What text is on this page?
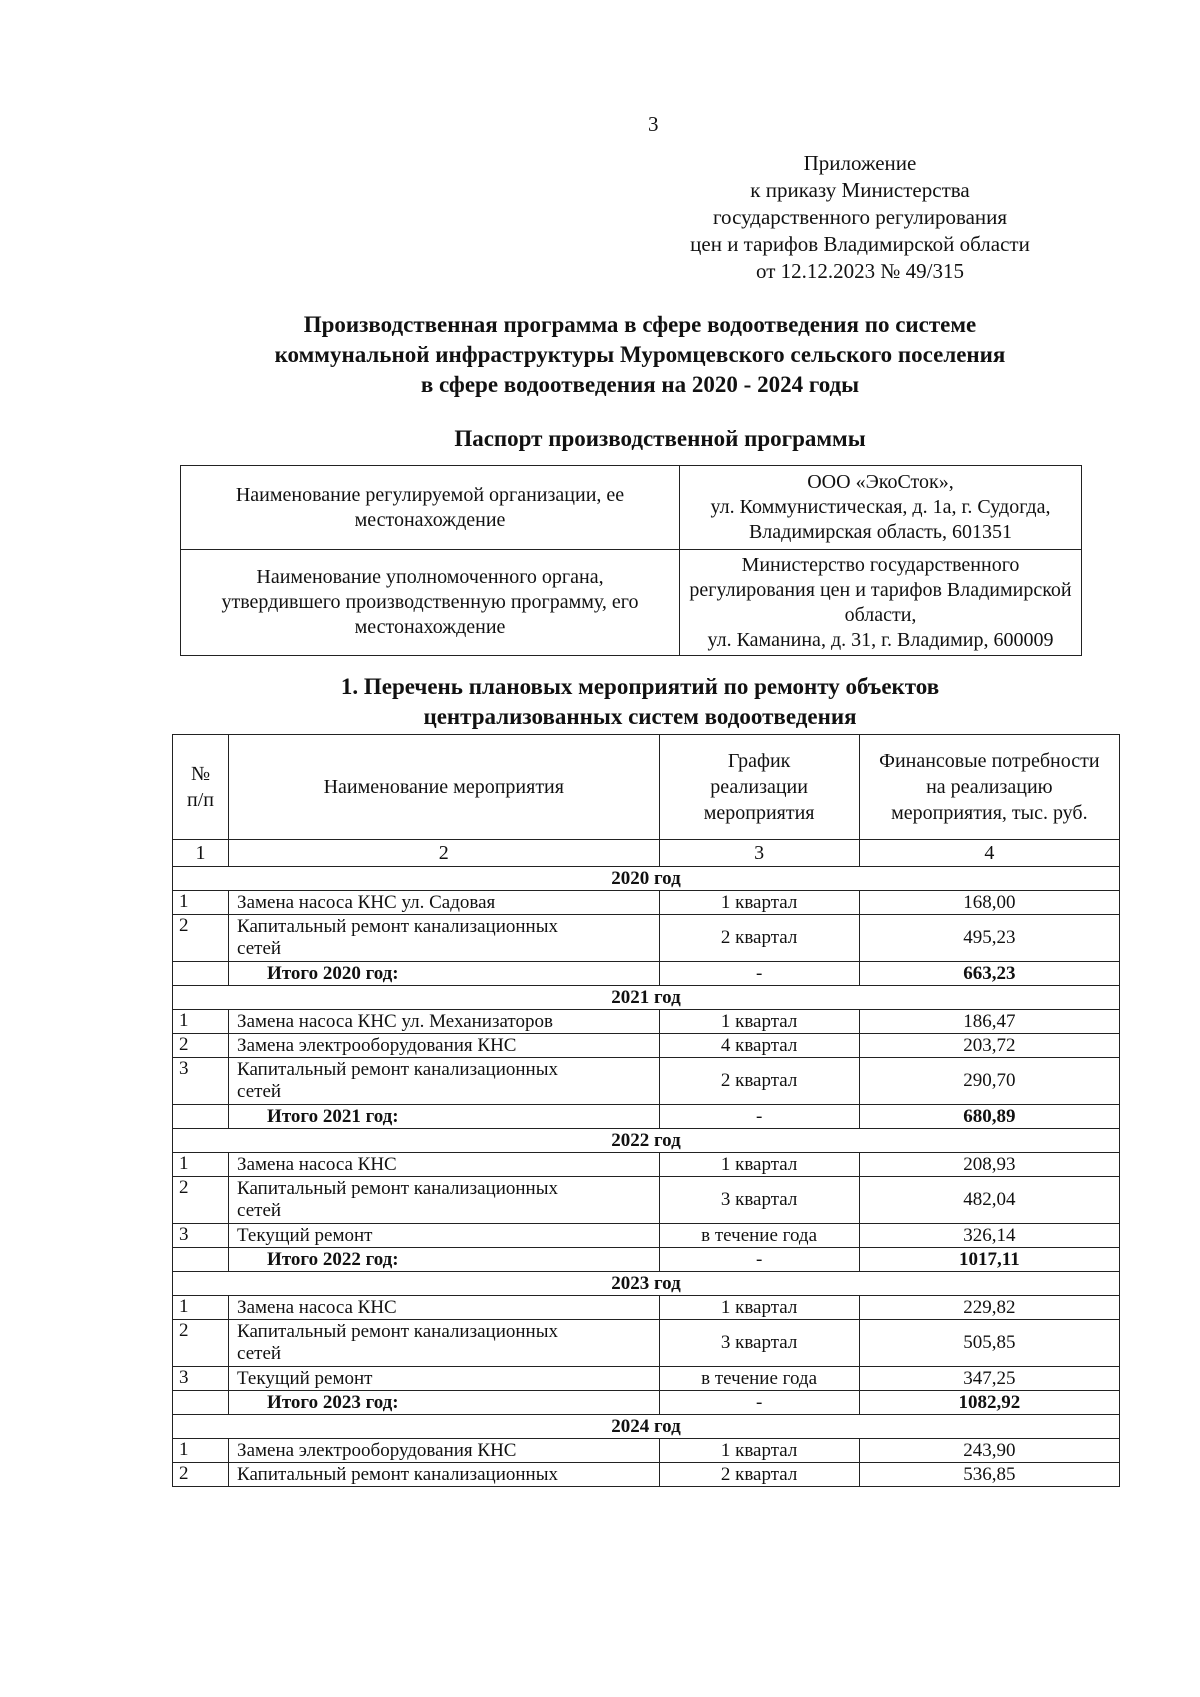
3
Приложение
к приказу Министерства
государственного регулирования
цен и тарифов Владимирской области
от 12.12.2023 № 49/315
Производственная программа в сфере водоотведения по системе
коммунальной инфраструктуры Муромцевского сельского поселения
в сфере водоотведения на 2020 - 2024 годы
Паспорт производственной программы
Наименование регулируемой организации, ее местонахождение	ООО «ЭкоСток»,
ул. Коммунистическая, д. 1а, г. Судогда,
Владимирская область, 601351

Наименование уполномоченного органа, утвердившего производственную программу, его местонахождение	Министерство государственного
регулирования цен и тарифов Владимирской
области,
ул. Каманина, д. 31, г. Владимир, 600009
1. Перечень плановых мероприятий по ремонту объектов
централизованных систем водоотведения
№ п/п	Наименование мероприятия	График реализации мероприятия	Финансовые потребности на реализацию мероприятия, тыс. руб.
1	2	3	4
2020 год			
1	Замена насоса КНС ул. Садовая	1 квартал	168,00
2	Капитальный ремонт канализационных сетей	2 квартал	495,23
	Итого 2020 год:	-	663,23
2021 год			
1	Замена насоса КНС ул. Механизаторов	1 квартал	186,47
2	Замена электрооборудования КНС	4 квартал	203,72
3	Капитальный ремонт канализационных сетей	2 квартал	290,70
	Итого 2021 год:	-	680,89
2022 год			
1	Замена насоса КНС	1 квартал	208,93
2	Капитальный ремонт канализационных сетей	3 квартал	482,04
3	Текущий ремонт	в течение года	326,14
	Итого 2022 год:	-	1017,11
2023 год			
1	Замена насоса КНС	1 квартал	229,82
2	Капитальный ремонт канализационных сетей	3 квартал	505,85
3	Текущий ремонт	в течение года	347,25
	Итого 2023 год:	-	1082,92
2024 год			
1	Замена электрооборудования КНС	1 квартал	243,90
2	Капитальный ремонт канализационных	2 квартал	536,85
